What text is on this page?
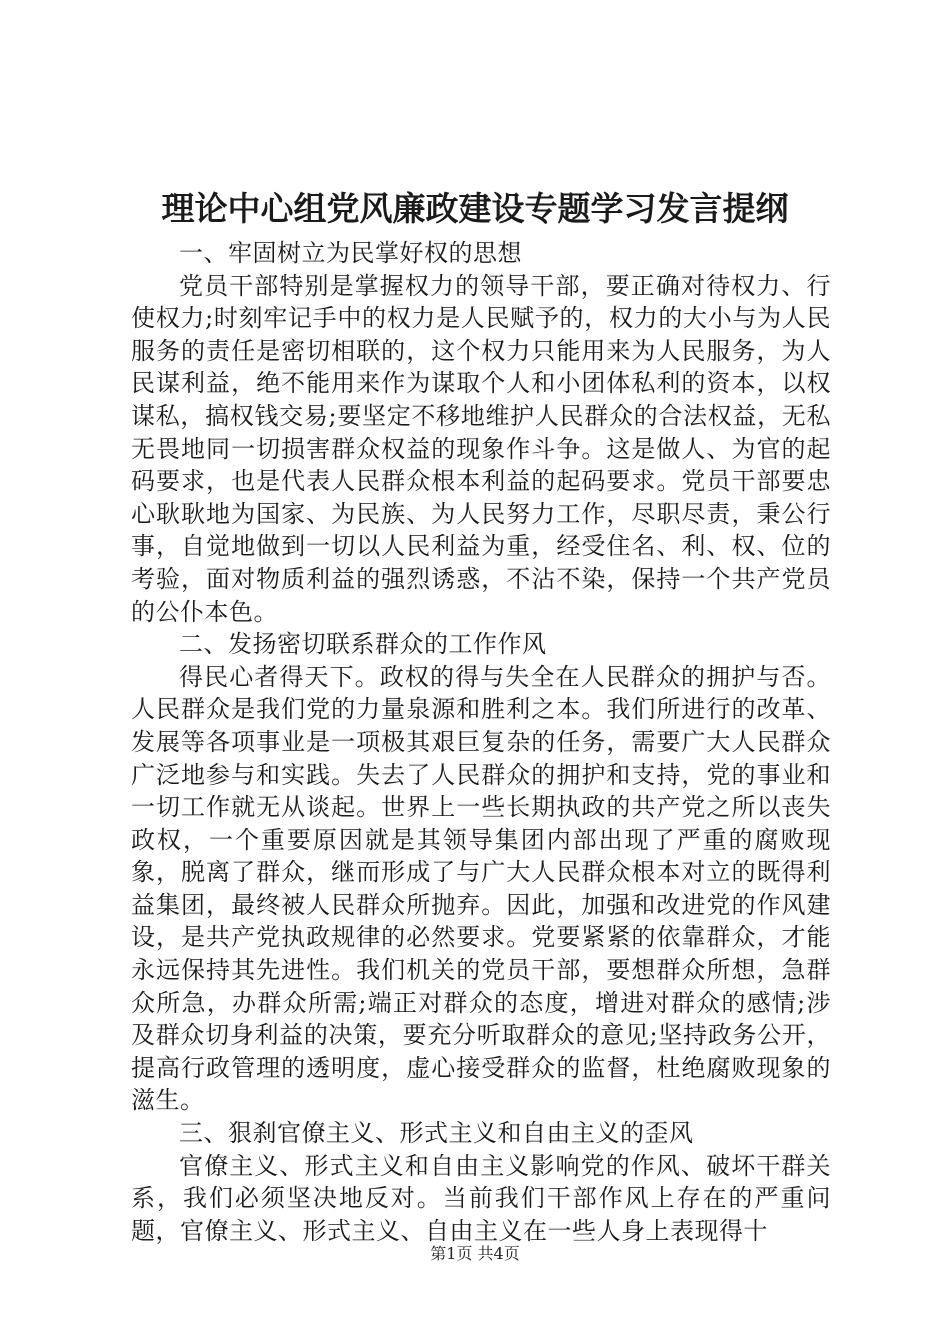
理论中心组党风廉政建设专题学习发言提纲

一、牢固树立为民掌好权的思想

党员干部特别是掌握权力的领导干部，要正确对待权力、行使权力;时刻牢记手中的权力是人民赋予的，权力的大小与为人民服务的责任是密切相联的，这个权力只能用来为人民服务，为人民谋利益，绝不能用来作为谋取个人和小团体私利的资本，以权谋私，搞权钱交易;要坚定不移地维护人民群众的合法权益，无私无畏地同一切损害群众权益的现象作斗争。这是做人、为官的起码要求，也是代表人民群众根本利益的起码要求。党员干部要忠心耿耿地为国家、为民族、为人民努力工作，尽职尽责，秉公行事，自觉地做到一切以人民利益为重，经受住名、利、权、位的考验，面对物质利益的强烈诱惑，不沾不染，保持一个共产党员的公仆本色。

二、发扬密切联系群众的工作作风

得民心者得天下。政权的得与失全在人民群众的拥护与否。人民群众是我们党的力量泉源和胜利之本。我们所进行的改革、发展等各项事业是一项极其艰巨复杂的任务，需要广大人民群众广泛地参与和实践。失去了人民群众的拥护和支持，党的事业和一切工作就无从谈起。世界上一些长期执政的共产党之所以丧失政权，一个重要原因就是其领导集团内部出现了严重的腐败现象，脱离了群众，继而形成了与广大人民群众根本对立的既得利益集团，最终被人民群众所抛弃。因此，加强和改进党的作风建设，是共产党执政规律的必然要求。党要紧紧的依靠群众，才能永远保持其先进性。我们机关的党员干部，要想群众所想，急群众所急，办群众所需;端正对群众的态度，增进对群众的感情;涉及群众切身利益的决策，要充分听取群众的意见;坚持政务公开，提高行政管理的透明度，虚心接受群众的监督，杜绝腐败现象的滋生。

三、狠刹官僚主义、形式主义和自由主义的歪风

官僚主义、形式主义和自由主义影响党的作风、破坏干群关系，我们必须坚决地反对。当前我们干部作风上存在的严重问题，官僚主义、形式主义、自由主义在一些人身上表现得十

第1页 共4页
